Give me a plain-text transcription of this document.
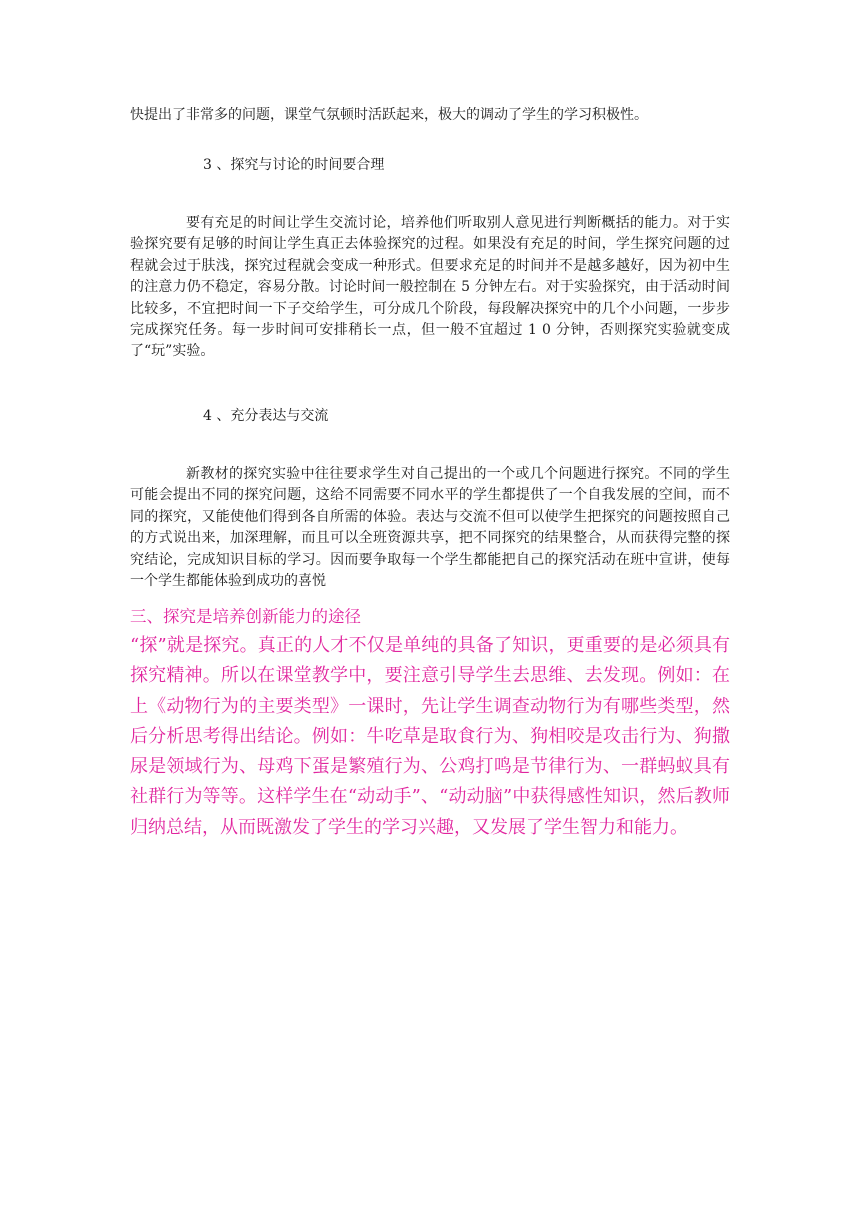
快提出了非常多的问题，课堂气氛顿时活跃起来，极大的调动了学生的学习积极性。
3 、探究与讨论的时间要合理
要有充足的时间让学生交流讨论，培养他们听取别人意见进行判断概括的能力。对于实验探究要有足够的时间让学生真正去体验探究的过程。如果没有充足的时间，学生探究问题的过程就会过于肤浅，探究过程就会变成一种形式。但要求充足的时间并不是越多越好，因为初中生的注意力仍不稳定，容易分散。讨论时间一般控制在 5 分钟左右。对于实验探究，由于活动时间比较多，不宜把时间一下子交给学生，可分成几个阶段，每段解决探究中的几个小问题，一步步完成探究任务。每一步时间可安排稍长一点，但一般不宜超过 1 0 分钟，否则探究实验就变成了“玩”实验。
4 、充分表达与交流
新教材的探究实验中往往要求学生对自己提出的一个或几个问题进行探究。不同的学生可能会提出不同的探究问题，这给不同需要不同水平的学生都提供了一个自我发展的空间，而不同的探究，又能使他们得到各自所需的体验。表达与交流不但可以使学生把探究的问题按照自己的方式说出来，加深理解，而且可以全班资源共享，把不同探究的结果整合，从而获得完整的探究结论，完成知识目标的学习。因而要争取每一个学生都能把自己的探究活动在班中宣讲，使每一个学生都能体验到成功的喜悦
三、探究是培养创新能力的途径
“探”就是探究。真正的人才不仅是单纯的具备了知识，更重要的是必须具有探究精神。所以在课堂教学中，要注意引导学生去思维、去发现。例如：在上《动物行为的主要类型》一课时，先让学生调查动物行为有哪些类型，然后分析思考得出结论。例如：牛吃草是取食行为、狗相咬是攻击行为、狗撒尿是领域行为、母鸡下蛋是繁殖行为、公鸡打鸣是节律行为、一群蚂蚁具有社群行为等等。这样学生在“动动手”、“动动脑”中获得感性知识，然后教师归纳总结，从而既激发了学生的学习兴趣，又发展了学生智力和能力。
